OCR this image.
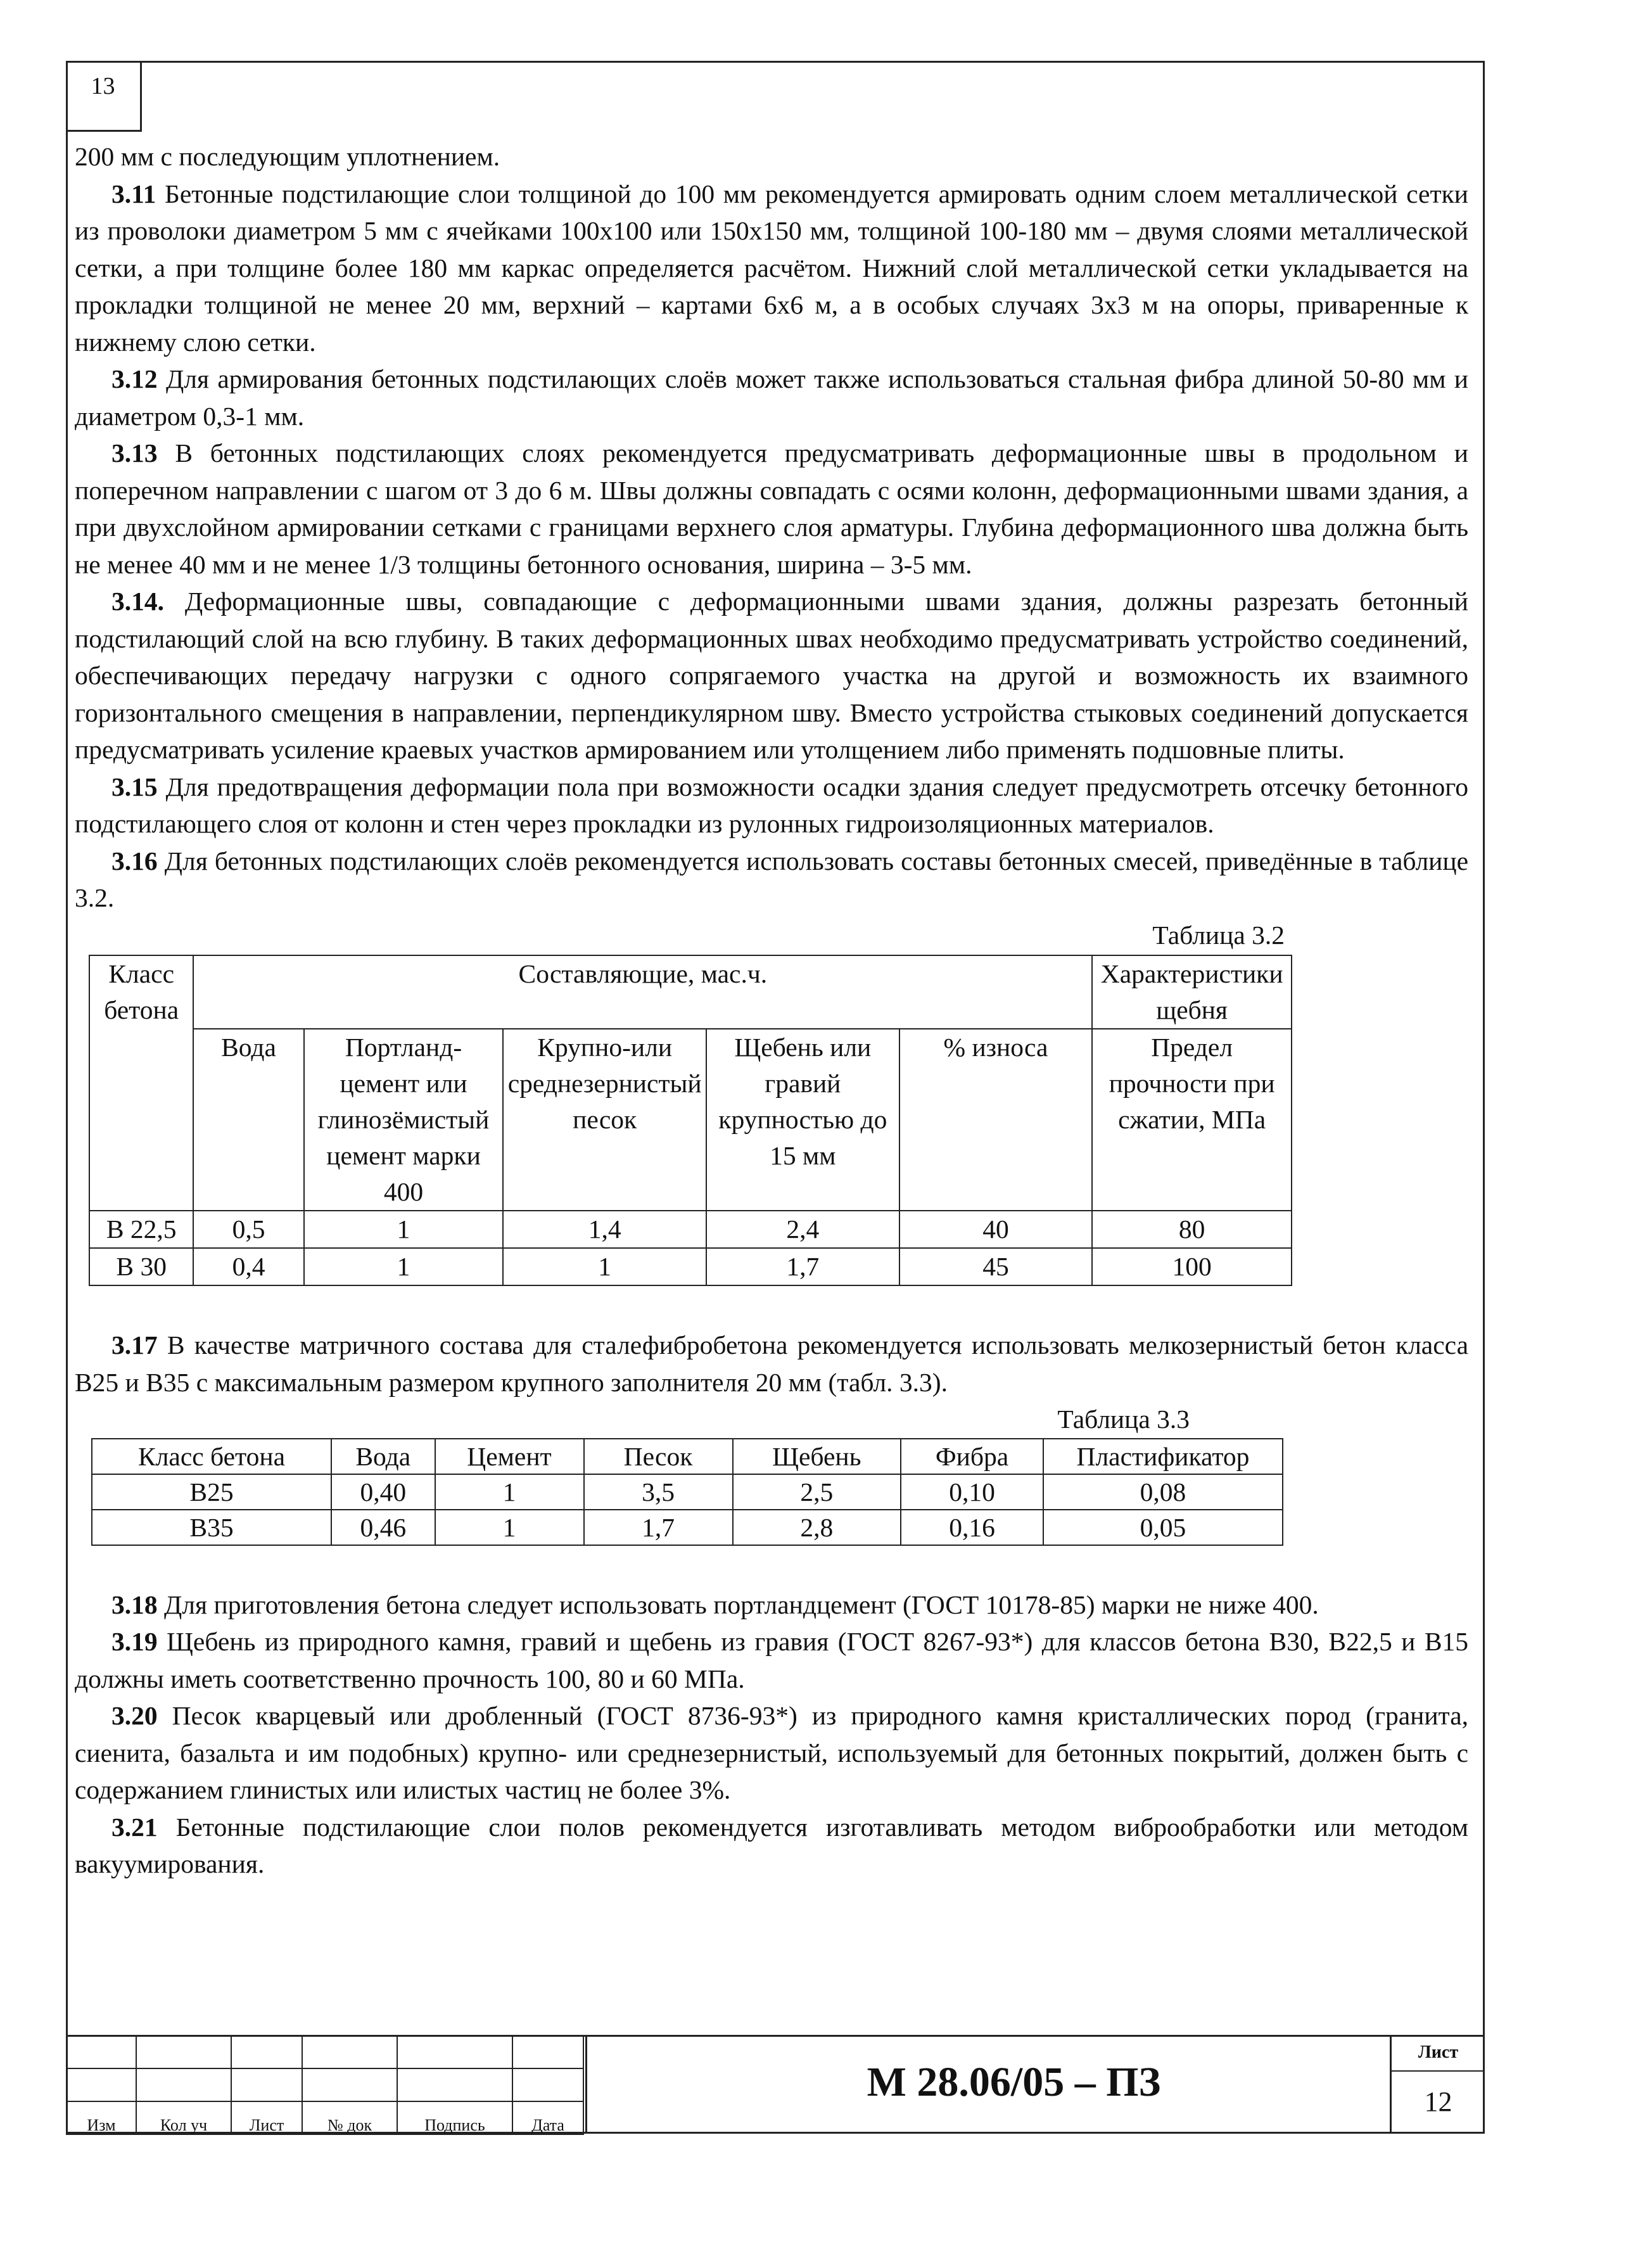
13

200 мм с последующим уплотнением.

3.11 Бетонные подстилающие слои толщиной до 100 мм рекомендуется армировать одним слоем металлической сетки из проволоки диаметром 5 мм с ячейками 100х100 или 150х150 мм, толщиной 100-180 мм – двумя слоями металлической сетки, а при толщине более 180 мм каркас определяется расчётом. Нижний слой металлической сетки укладывается на прокладки толщиной не менее 20 мм, верхний – картами 6х6 м, а в особых случаях 3х3 м на опоры, приваренные к нижнему слою сетки.

3.12 Для армирования бетонных подстилающих слоёв может также использоваться стальная фибра длиной 50-80 мм и диаметром 0,3-1 мм.

3.13 В бетонных подстилающих слоях рекомендуется предусматривать деформационные швы в продольном и поперечном направлении с шагом от 3 до 6 м. Швы должны совпадать с осями колонн, деформационными швами здания, а при двухслойном армировании сетками с границами верхнего слоя арматуры. Глубина деформационного шва должна быть не менее 40 мм и не менее 1/3 толщины бетонного основания, ширина – 3-5 мм.

3.14. Деформационные швы, совпадающие с деформационными швами здания, должны разрезать бетонный подстилающий слой на всю глубину. В таких деформационных швах необходимо предусматривать устройство соединений, обеспечивающих передачу нагрузки с одного сопрягаемого участка на другой и возможность их взаимного горизонтального смещения в направлении, перпендикулярном шву. Вместо устройства стыковых соединений допускается предусматривать усиление краевых участков армированием или утолщением либо применять подшовные плиты.

3.15 Для предотвращения деформации пола при возможности осадки здания следует предусмотреть отсечку бетонного подстилающего слоя от колонн и стен через прокладки из рулонных гидроизоляционных материалов.

3.16 Для бетонных подстилающих слоёв рекомендуется использовать составы бетонных смесей, приведённые в таблице 3.2.

Таблица 3.2

Класс бетона	Составляющие, мас.ч.					Характеристики щебня
	Вода	Портланд-цемент или глинозёмистый цемент марки 400	Крупно-или среднезернистый песок	Щебень или гравий крупностью до 15 мм	% износа	Предел прочности при сжатии, МПа
В 22,5	0,5	1	1,4	2,4	40	80
В 30	0,4	1	1	1,7	45	100

3.17 В качестве матричного состава для сталефибробетона рекомендуется использовать мелкозернистый бетон класса В25 и В35 с максимальным размером крупного заполнителя 20 мм (табл. 3.3).

Таблица 3.3

Класс бетона	Вода	Цемент	Песок	Щебень	Фибра	Пластификатор
В25	0,40	1	3,5	2,5	0,10	0,08
В35	0,46	1	1,7	2,8	0,16	0,05

3.18 Для приготовления бетона следует использовать портландцемент (ГОСТ 10178-85) марки не ниже 400.

3.19 Щебень из природного камня, гравий и щебень из гравия (ГОСТ 8267-93*) для классов бетона В30, В22,5 и В15 должны иметь соответственно прочность 100, 80 и 60 МПа.

3.20 Песок кварцевый или дробленный (ГОСТ 8736-93*) из природного камня кристаллических пород (гранита, сиенита, базальта и им подобных) крупно- или среднезернистый, используемый для бетонных покрытий, должен быть с содержанием глинистых или илистых частиц не более 3%.

3.21 Бетонные подстилающие слои полов рекомендуется изготавливать методом виброобработки или методом вакуумирования.

Изм	Кол уч	Лист	№ док	Подпись	Дата
М 28.06/05 – ПЗ
Лист
12
